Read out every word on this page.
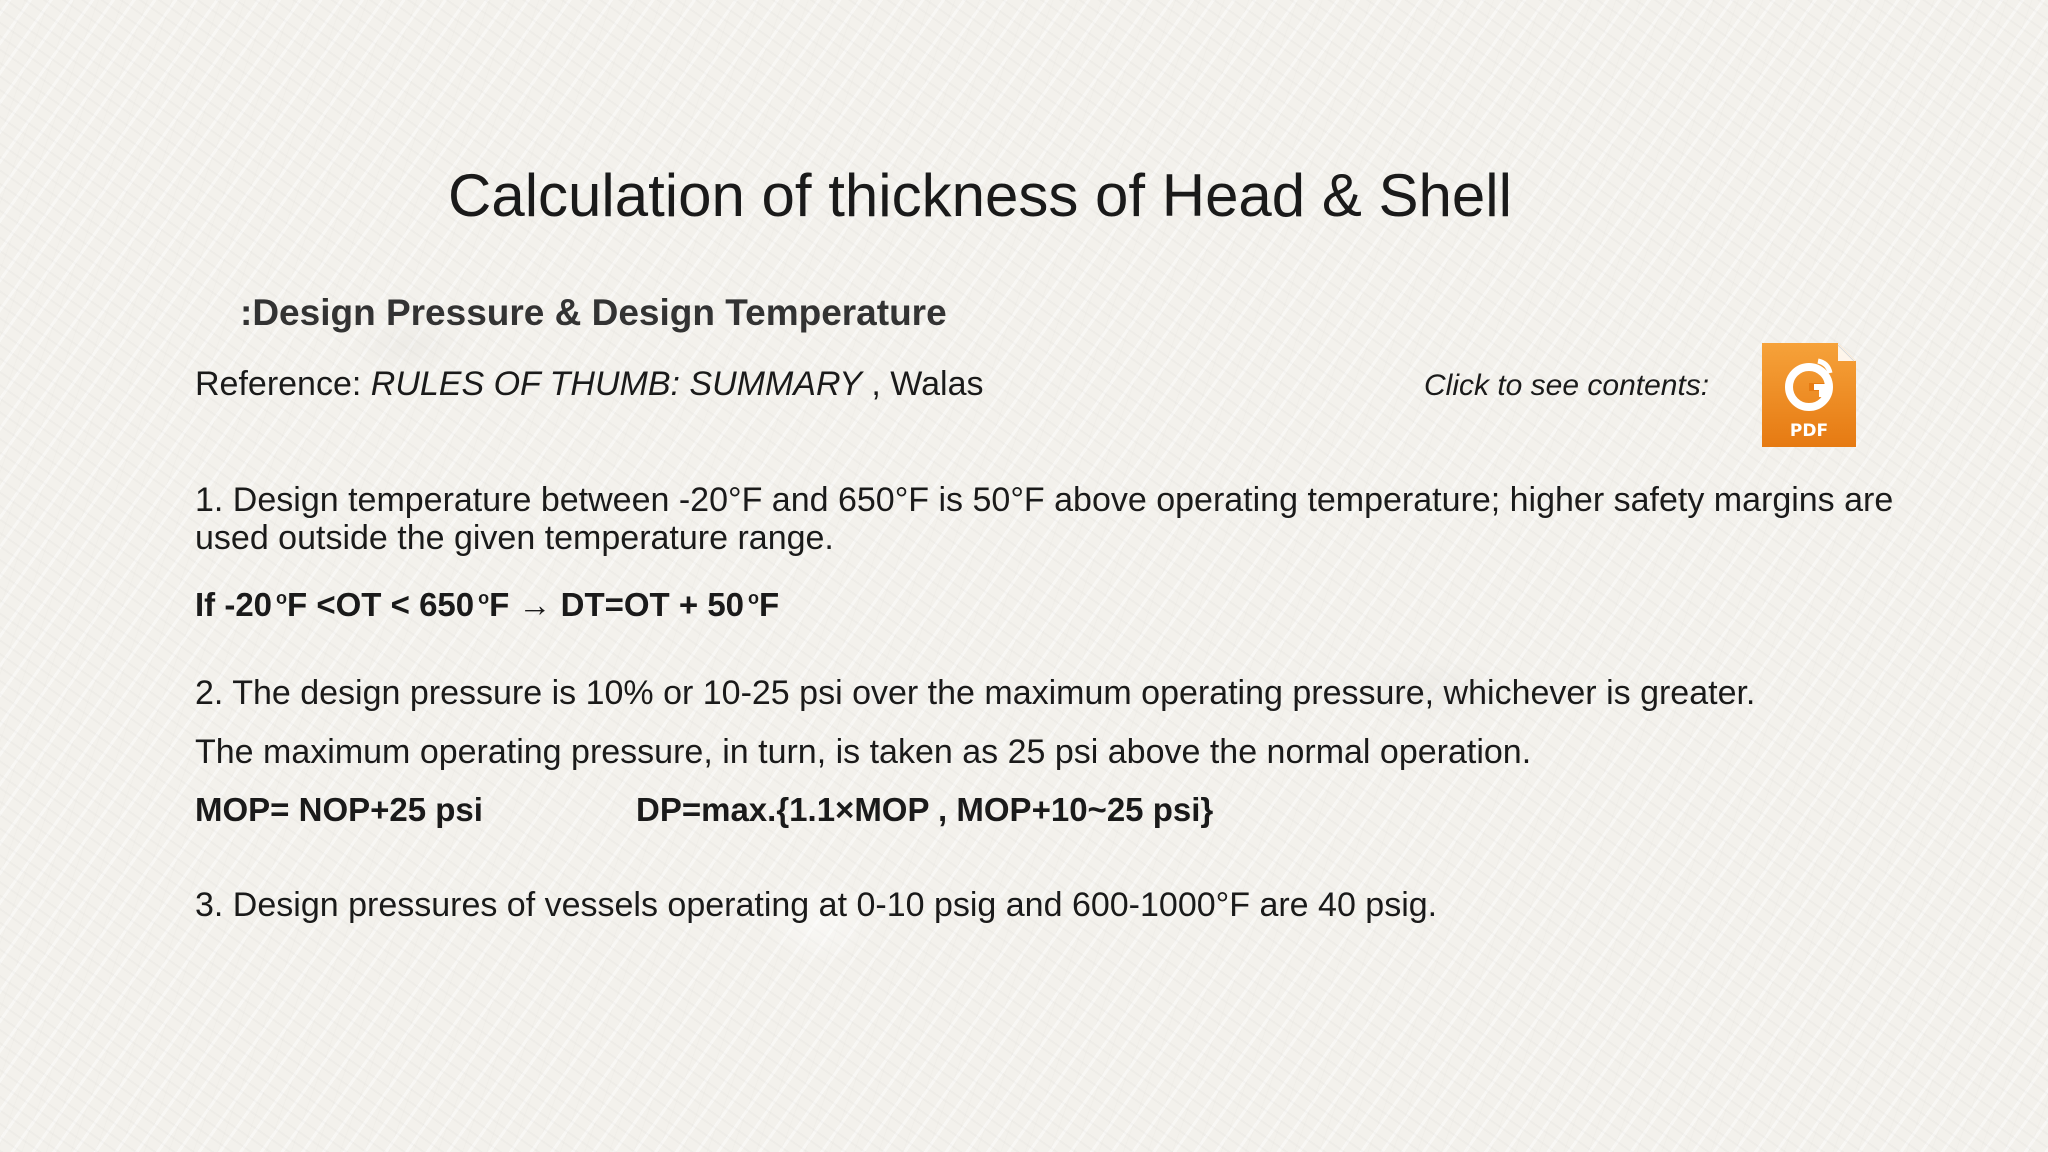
Calculation of thickness of Head & Shell
:Design Pressure & Design Temperature
Reference: RULES OF THUMB: SUMMARY , Walas	Click to see contents:
PDF
1. Design temperature between -20°F and 650°F is 50°F above operating temperature; higher safety margins are used outside the given temperature range.
If -20 $^o$F <OT < 650 $^o$F → DT=OT + 50 $^o$F
2. The design pressure is 10% or 10-25 psi over the maximum operating pressure, whichever is greater.
The maximum operating pressure, in turn, is taken as 25 psi above the normal operation.
MOP= NOP+25 psi	DP=max.{1.1×MOP , MOP+10~25 psi}
3. Design pressures of vessels operating at 0-10 psig and 600-1000°F are 40 psig.
